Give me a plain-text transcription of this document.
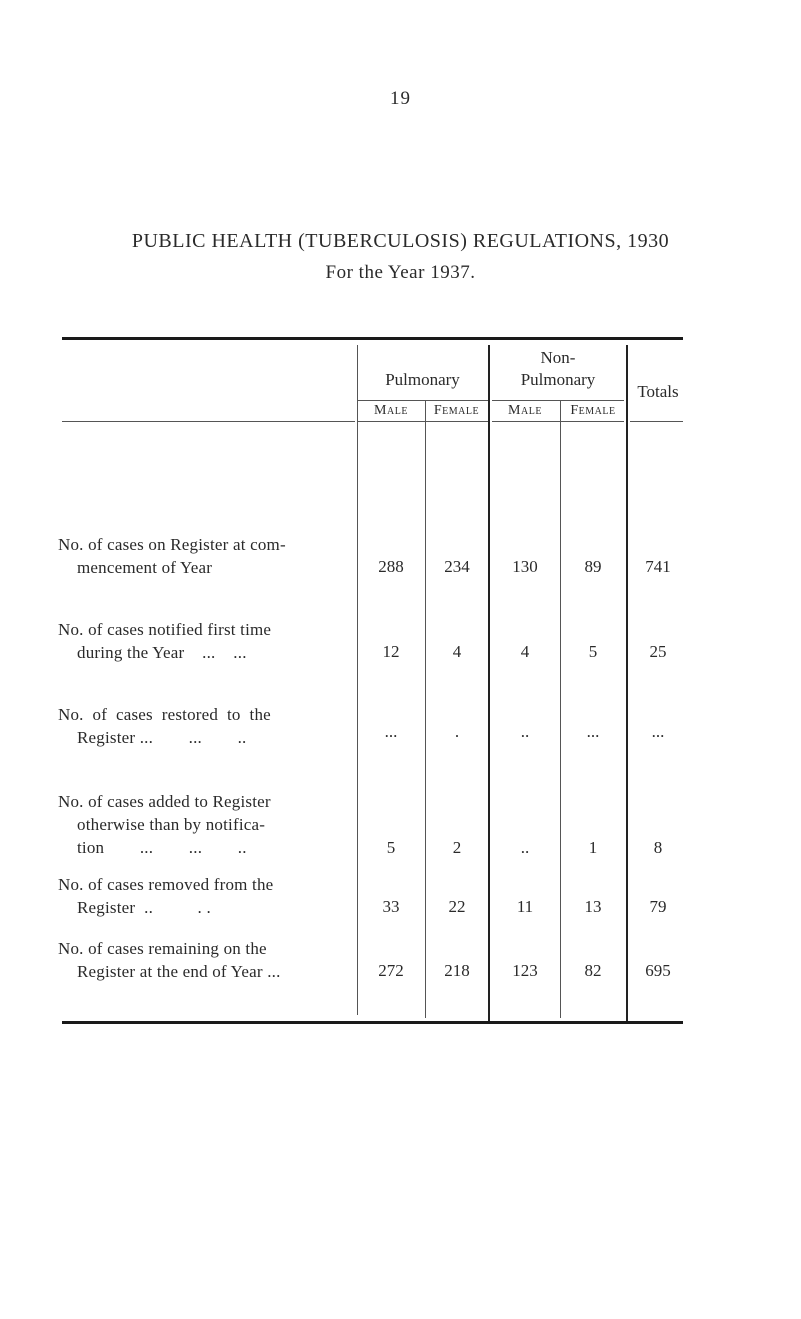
19
PUBLIC HEALTH (TUBERCULOSIS) REGULATIONS, 1930
For the Year 1937.
Pulmonary
Non-
Pulmonary
Totals
Male	Female	Male	Female
No. of cases on Register at com-
mencement of Year	288	234	130	89	741
No. of cases notified first time
during the Year    ...    ...	12	4	4	5	25
No.  of  cases  restored  to  the
Register ...        ...        ..	...	.	..	...	...
No. of cases added to Register
otherwise than by notifica-
tion        ...        ...        ..	5	2	..	1	8
No. of cases removed from the
Register  ..          . .	33	22	11	13	79
No. of cases remaining on the
Register at the end of Year ...	272	218	123	82	695
